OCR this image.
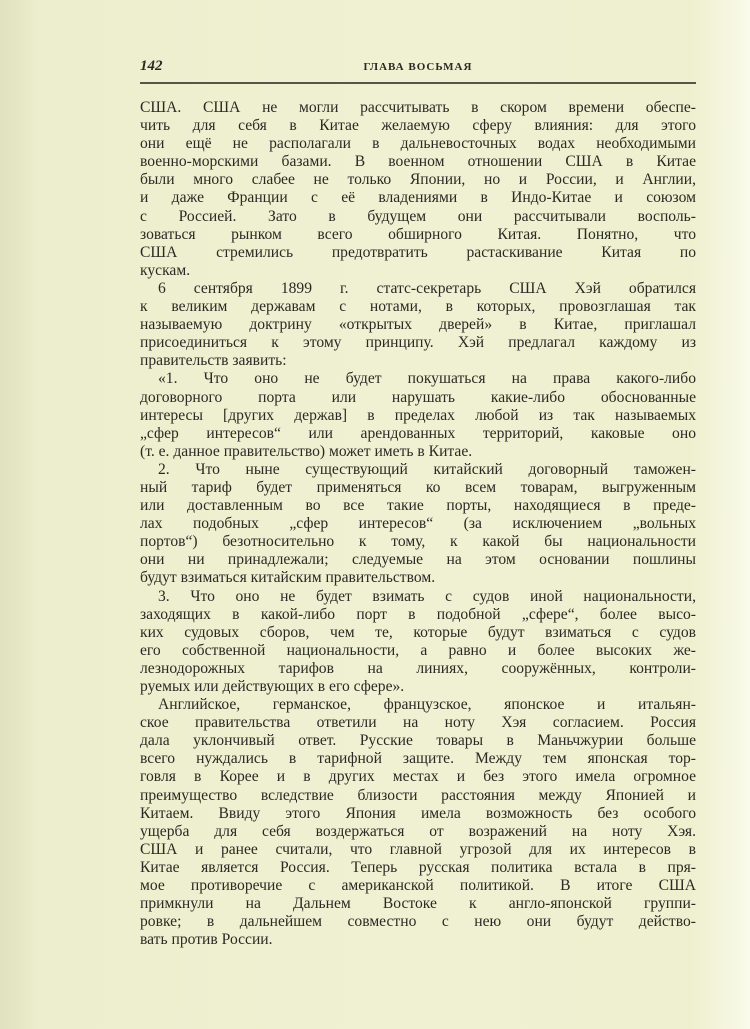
142	ГЛАВА ВОСЬМАЯ
США. США не могли рассчитывать в скором времени обеспе-
чить для себя в Китае желаемую сферу влияния: для этого
они ещё не располагали в дальневосточных водах необходимыми
военно-морскими базами. В военном отношении США в Китае
были много слабее не только Японии, но и России, и Англии,
и даже Франции с её владениями в Индо-Китае и союзом
с Россией. Зато в будущем они рассчитывали восполь-
зоваться рынком всего обширного Китая. Понятно, что
США стремились предотвратить растаскивание Китая по
кускам.
6 сентября 1899 г. статс-секретарь США Хэй обратился
к великим державам с нотами, в которых, провозглашая так
называемую доктрину «открытых дверей» в Китае, приглашал
присоединиться к этому принципу. Хэй предлагал каждому из
правительств заявить:
«1. Что оно не будет покушаться на права какого-либо
договорного порта или нарушать какие-либо обоснованные
интересы [других держав] в пределах любой из так называемых
„сфер интересов“ или арендованных территорий, каковые оно
(т. е. данное правительство) может иметь в Китае.
2. Что ныне существующий китайский договорный таможен-
ный тариф будет применяться ко всем товарам, выгруженным
или доставленным во все такие порты, находящиеся в преде-
лах подобных „сфер интересов“ (за исключением „вольных
портов“) безотносительно к тому, к какой бы национальности
они ни принадлежали; следуемые на этом основании пошлины
будут взиматься китайским правительством.
3. Что оно не будет взимать с судов иной национальности,
заходящих в какой-либо порт в подобной „сфере“, более высо-
ких судовых сборов, чем те, которые будут взиматься с судов
его собственной национальности, а равно и более высоких же-
лезнодорожных тарифов на линиях, сооружённых, контроли-
руемых или действующих в его сфере».
Английское, германское, французское, японское и итальян-
ское правительства ответили на ноту Хэя согласием. Россия
дала уклончивый ответ. Русские товары в Маньчжурии больше
всего нуждались в тарифной защите. Между тем японская тор-
говля в Корее и в других местах и без этого имела огромное
преимущество вследствие близости расстояния между Японией и
Китаем. Ввиду этого Япония имела возможность без особого
ущерба для себя воздержаться от возражений на ноту Хэя.
США и ранее считали, что главной угрозой для их интересов в
Китае является Россия. Теперь русская политика встала в пря-
мое противоречие с американской политикой. В итоге США
примкнули на Дальнем Востоке к англо-японской группи-
ровке; в дальнейшем совместно с нею они будут действо-
вать против России.
